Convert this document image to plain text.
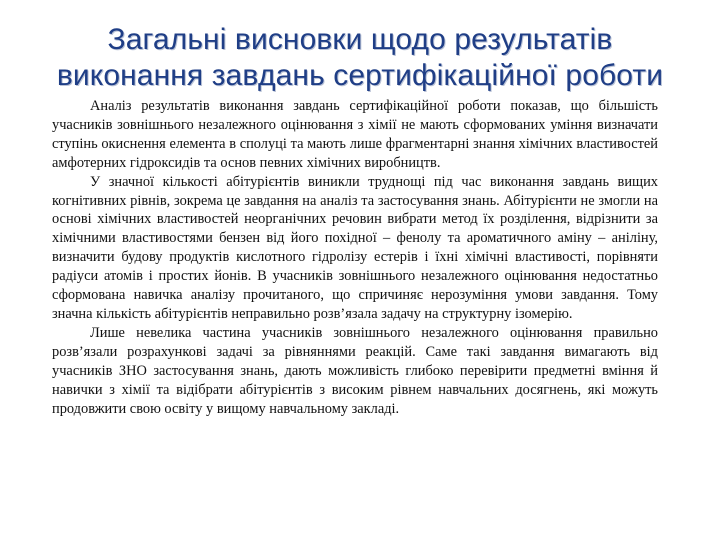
Загальні висновки щодо результатів
виконання завдань сертифікаційної роботи

Аналіз результатів виконання завдань сертифікаційної роботи показав, що більшість учасників зовнішнього незалежного оцінювання з хімії не мають сформованих уміння визначати ступінь окиснення елемента в сполуці та мають лише фрагментарні знання хімічних властивостей амфотерних гідроксидів та основ певних хімічних виробництв.

У значної кількості абітурієнтів виникли труднощі під час виконання завдань вищих когнітивних рівнів, зокрема це завдання на аналіз та застосування знань. Абітурієнти не змогли на основі хімічних властивостей неорганічних речовин вибрати метод їх розділення, відрізнити за хімічними властивостями бензен від його похідної – фенолу та ароматичного аміну – аніліну, визначити будову продуктів кислотного гідролізу естерів і їхні хімічні властивості, порівняти радіуси атомів і простих йонів. В учасників зовнішнього незалежного оцінювання недостатньо сформована навичка аналізу прочитаного, що спричиняє нерозуміння умови завдання. Тому значна кількість абітурієнтів неправильно розв’язала задачу на структурну ізомерію.

Лише невелика частина учасників зовнішнього незалежного оцінювання правильно розв’язали розрахункові задачі за рівняннями реакцій. Саме такі завдання вимагають від учасників ЗНО застосування знань, дають можливість глибоко перевірити предметні вміння й навички з хімії та відібрати абітурієнтів з високим рівнем навчальних досягнень, які можуть продовжити свою освіту у вищому навчальному закладі.
